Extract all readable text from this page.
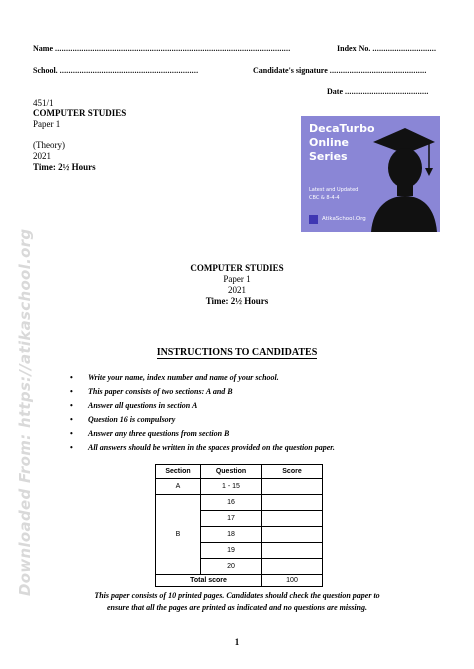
Name ...........................................................................................................	Index No. .............................
School. ...............................................................	Candidate's signature ............................................
Date ......................................
451/1
COMPUTER STUDIES
Paper 1
(Theory)
2021
Time: 2½ Hours
DecaTurbo
Online
Series
Latest and Updated
CBC & 8-4-4
AtikaSchool.Org
COMPUTER STUDIES
Paper 1
2021
Time: 2½ Hours
INSTRUCTIONS TO CANDIDATES
• Write your name, index number and name of your school.
• This paper consists of two sections: A and B
• Answer all questions in section A
• Question 16 is compulsory
• Answer any three questions from section B
• All answers should be written in the spaces provided on the question paper.
Section	Question	Score
A	1 - 15	
B	16	
	17	
	18	
	19	
	20	
Total score		100
This paper consists of 10 printed pages. Candidates should check the question paper to
ensure that all the pages are printed as indicated and no questions are missing.
Downloaded From: https://atikaschool.org
1
